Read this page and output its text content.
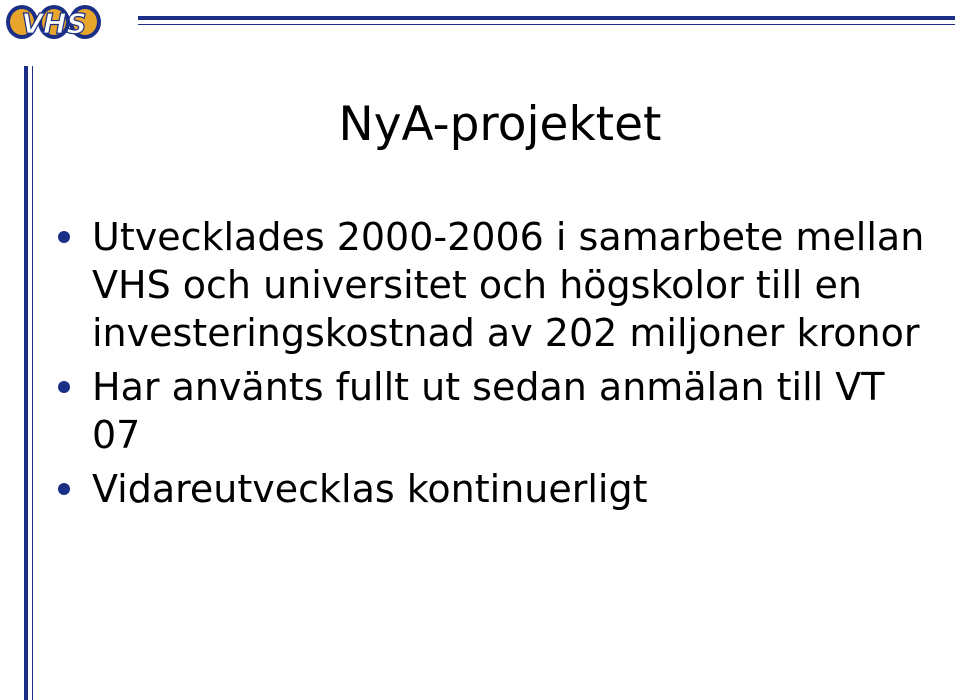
VHS
NyA-projektet
Utvecklades 2000-2006 i samarbete mellan VHS och universitet och högskolor till en investeringskostnad av 202 miljoner kronor
Har använts fullt ut sedan anmälan till VT 07
Vidareutvecklas kontinuerligt
